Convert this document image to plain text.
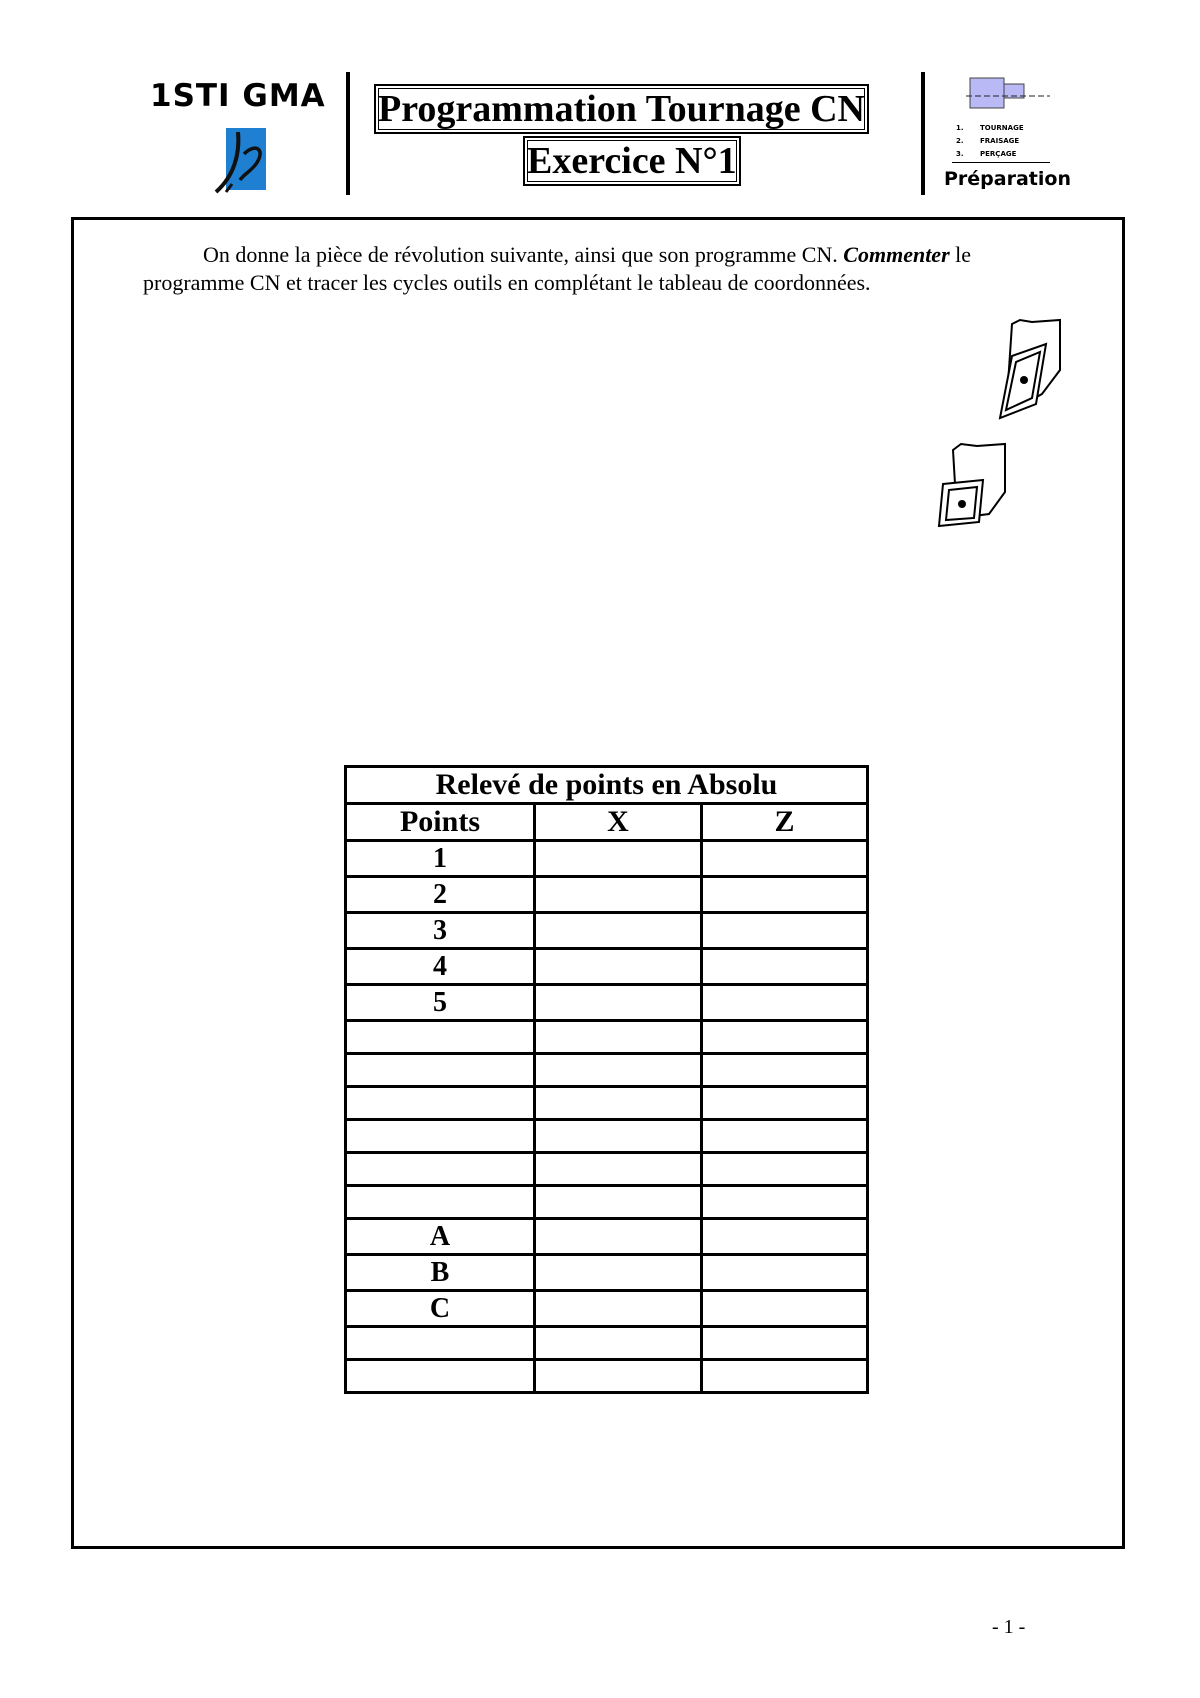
1STI GMA Programmation Tournage CN
Exercice N°1
1. TOURNAGE
2. FRAISAGE
3. PERÇAGE
Préparation

On donne la pièce de révolution suivante, ainsi que son programme CN. Commenter le programme CN et tracer les cycles outils en complétant le tableau de coordonnées.

Relevé de points en Absolu		
Points	X	Z
1		
2		
3		
4		
5		

A		
B		
C		

- 1 -
